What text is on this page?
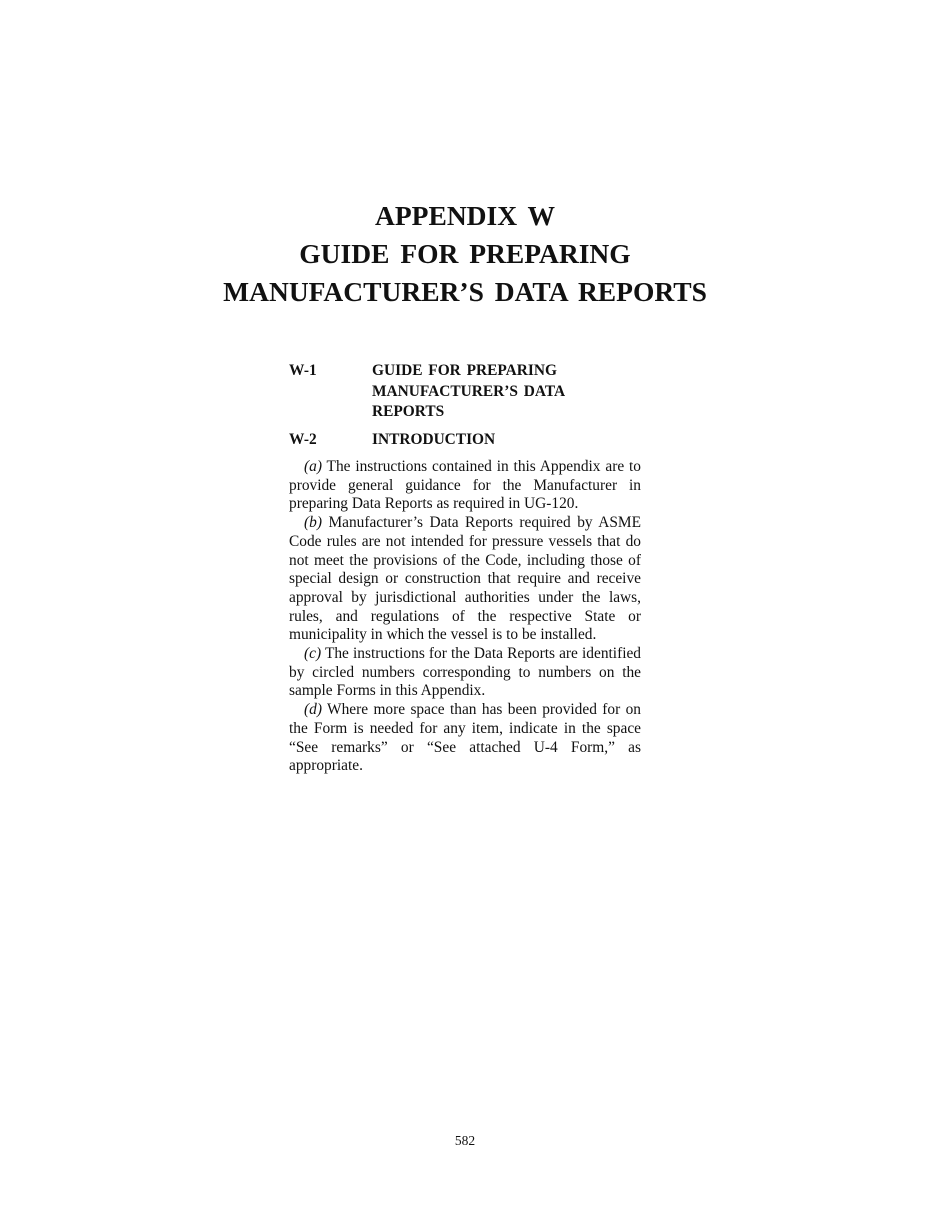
APPENDIX W
GUIDE FOR PREPARING
MANUFACTURER’S DATA REPORTS
W-1	GUIDE FOR PREPARING MANUFACTURER’S DATA REPORTS
W-2	INTRODUCTION

(a) The instructions contained in this Appendix are to provide general guidance for the Manufacturer in preparing Data Reports as required in UG-120.

(b) Manufacturer’s Data Reports required by ASME Code rules are not intended for pressure vessels that do not meet the provisions of the Code, including those of special design or construction that require and receive approval by jurisdictional authorities under the laws, rules, and regulations of the respective State or municipality in which the vessel is to be installed.

(c) The instructions for the Data Reports are identified by circled numbers corresponding to numbers on the sample Forms in this Appendix.

(d) Where more space than has been provided for on the Form is needed for any item, indicate in the space “See remarks” or “See attached U-4 Form,” as appropriate.

582
